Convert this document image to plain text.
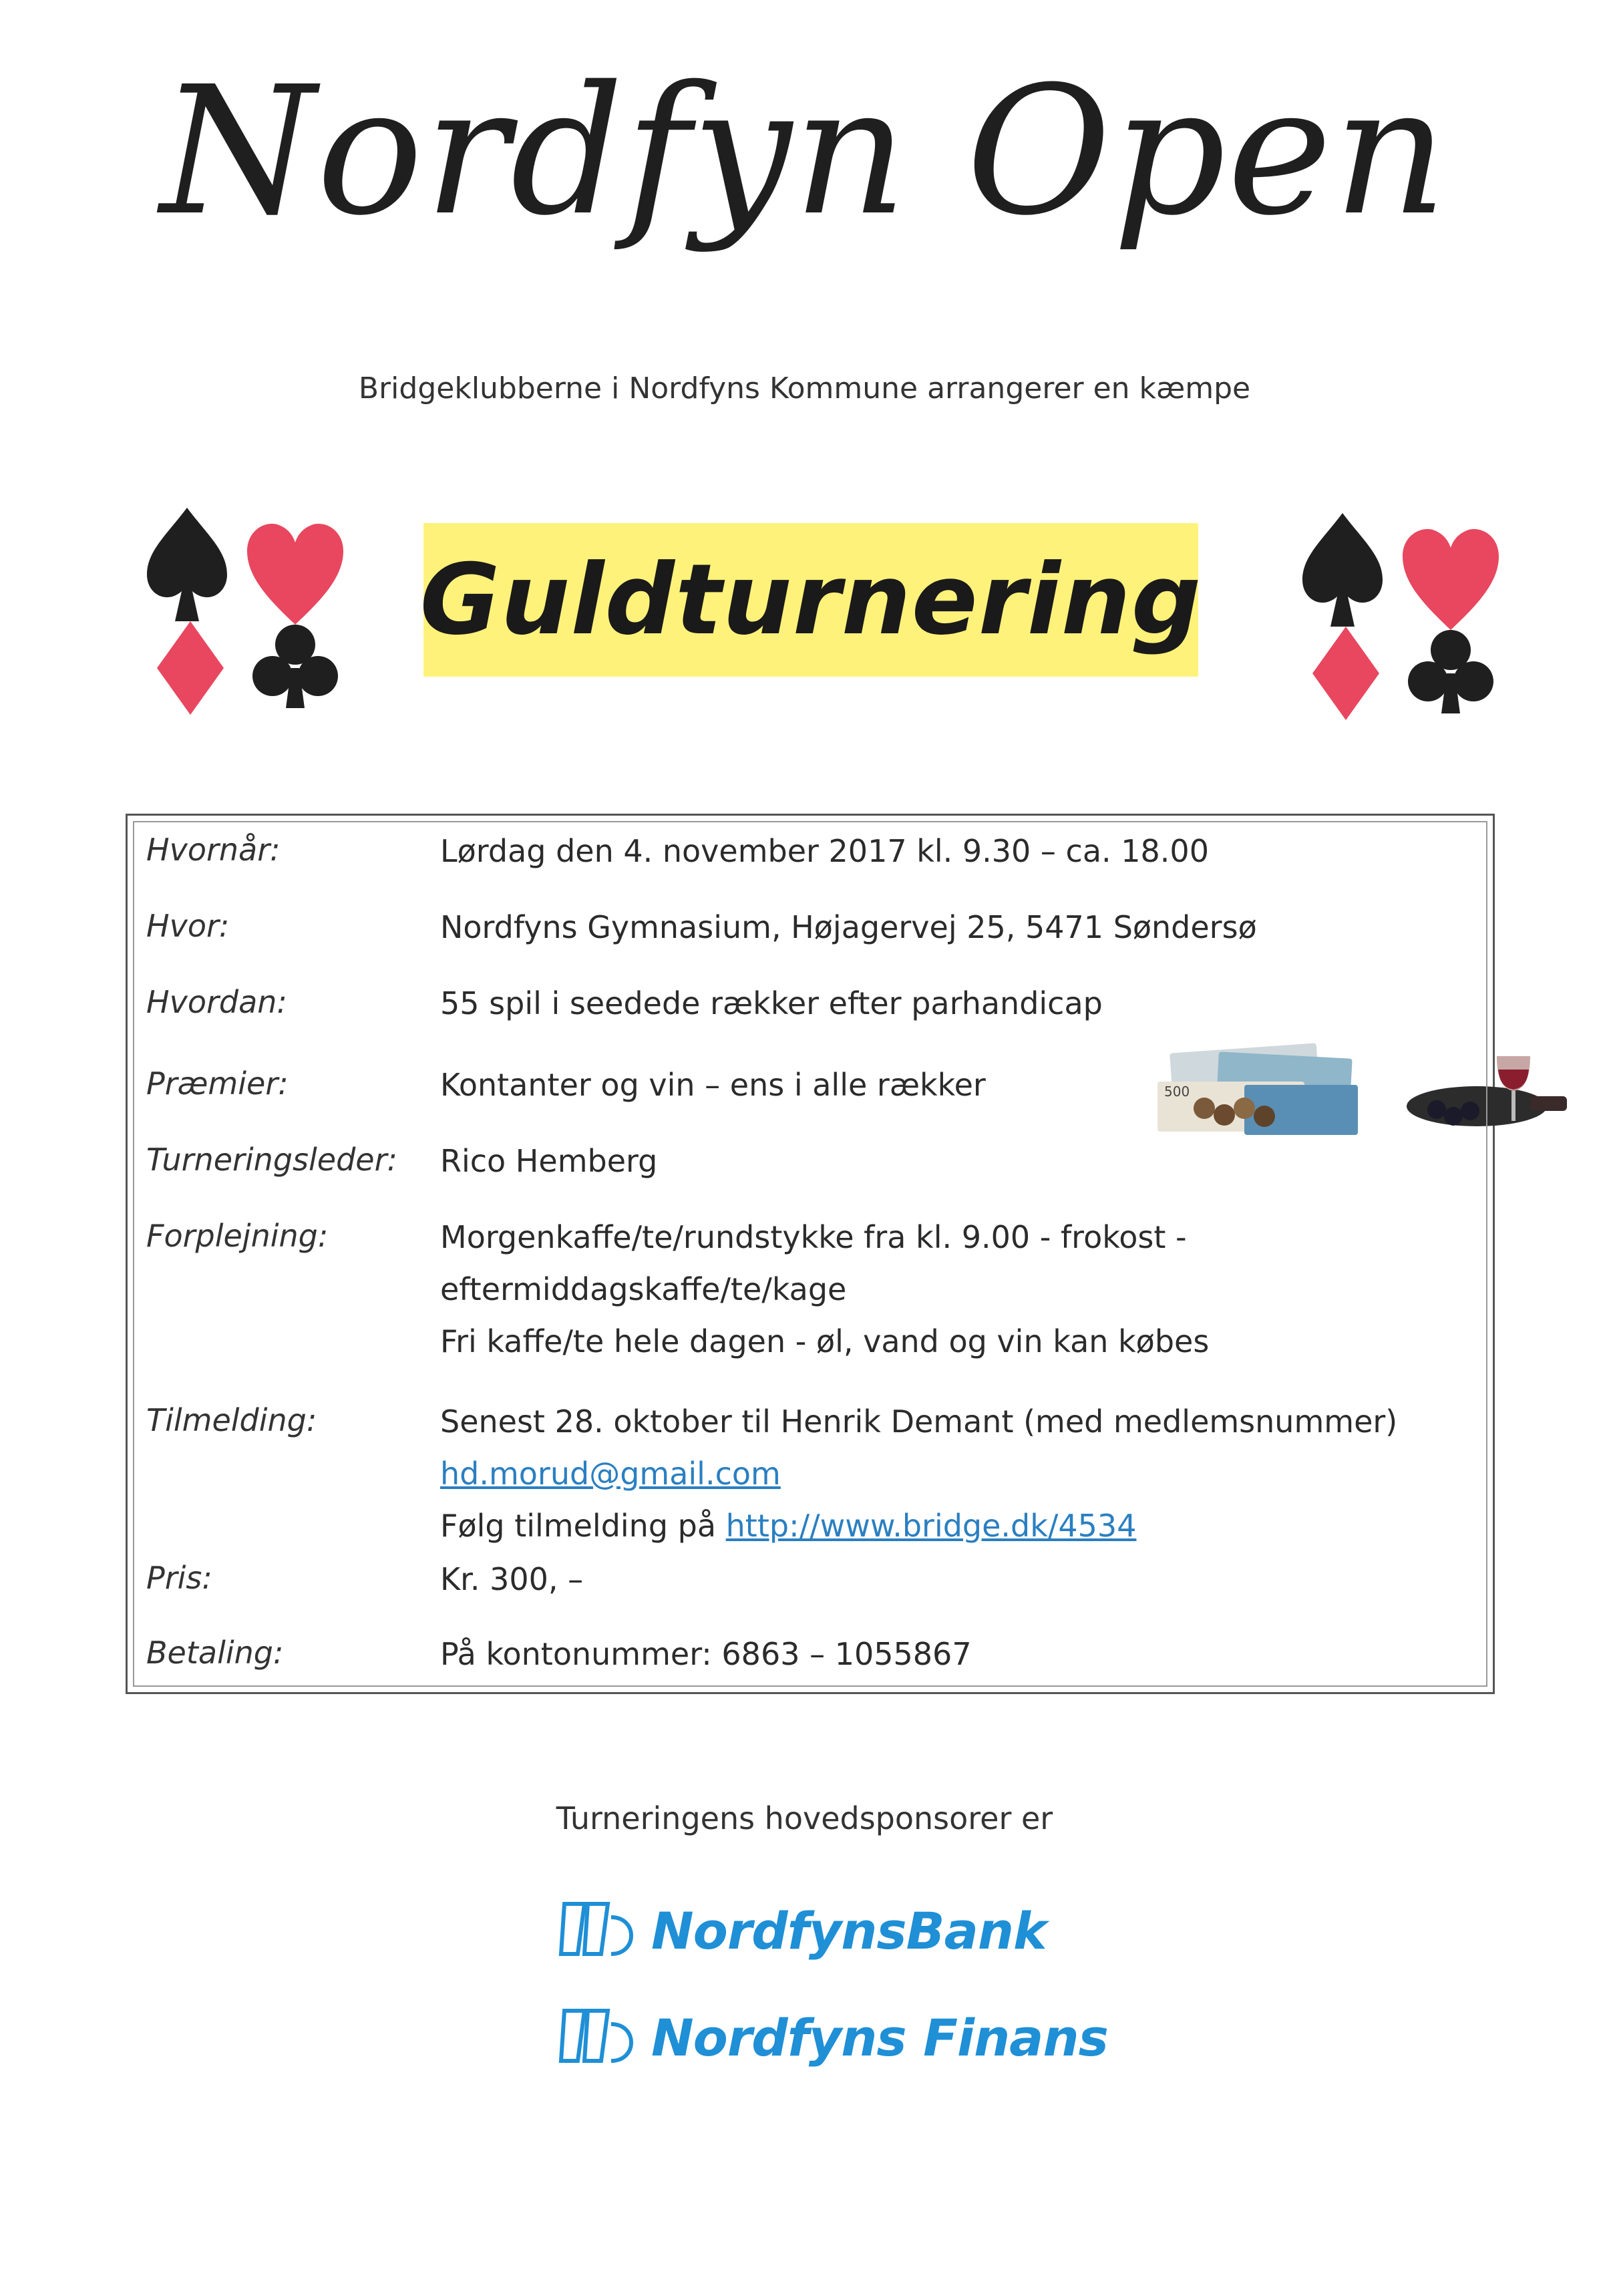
Nordfyn Open
Bridgeklubberne i Nordfyns Kommune arrangerer en kæmpe
Guldturnering
Hvornår:	Lørdag den 4. november 2017 kl. 9.30 – ca. 18.00
Hvor:	Nordfyns Gymnasium, Højagervej 25, 5471 Søndersø
Hvordan:	55 spil i seedede rækker efter parhandicap
Præmier:	Kontanter og vin – ens i alle rækker	500
Turneringsleder: Rico Hemberg
Forplejning:	Morgenkaffe/te/rundstykke fra kl. 9.00 - frokost -
eftermiddagskaffe/te/kage
Fri kaffe/te hele dagen - øl, vand og vin kan købes
Tilmelding:	Senest 28. oktober til Henrik Demant (med medlemsnummer)
hd.morud@gmail.com
Følg tilmelding på http://www.bridge.dk/4534
Pris:	Kr. 300, –
Betaling:	På kontonummer: 6863 – 1055867
Turneringens hovedsponsorer er
NordfynsBank
Nordfyns Finans
